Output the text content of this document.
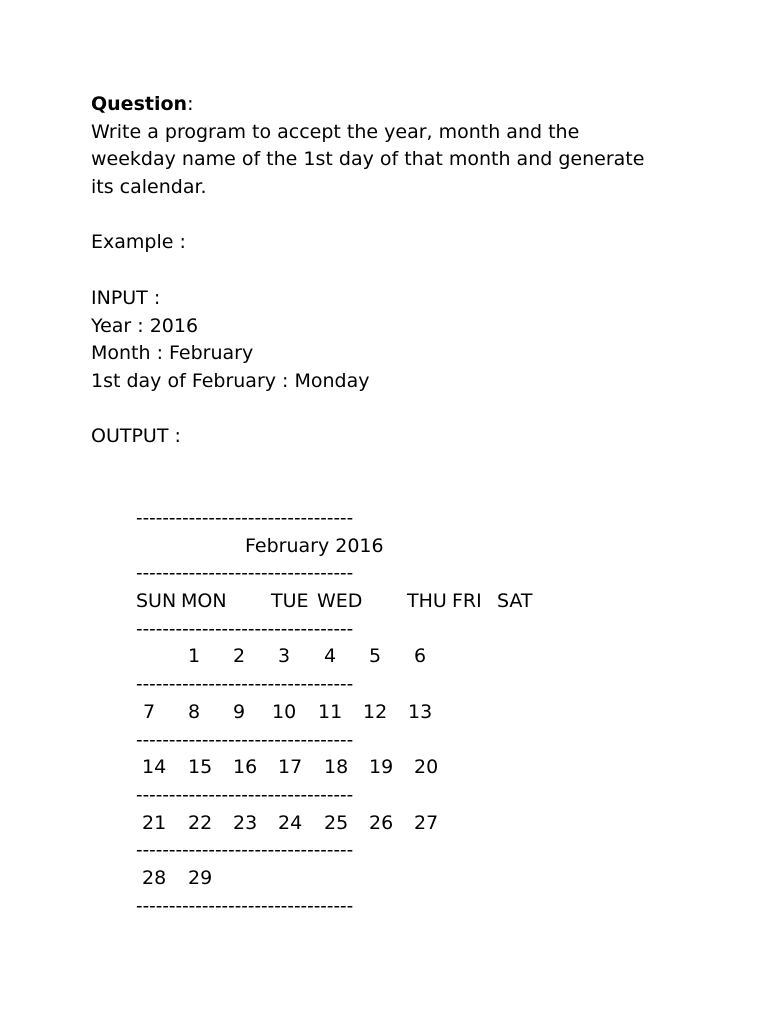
Question:
Write a program to accept the year, month and the
weekday name of the 1st day of that month and generate
its calendar.
Example :
INPUT :
Year : 2016
Month : February
1st day of February : Monday
OUTPUT :
---------------------------------
February 2016
---------------------------------
SUN MON TUE WED THU FRI SAT
---------------------------------
1 2 3 4 5 6
---------------------------------
7 8 9 10 11 12 13
---------------------------------
14 15 16 17 18 19 20
---------------------------------
21 22 23 24 25 26 27
---------------------------------
28 29
---------------------------------
